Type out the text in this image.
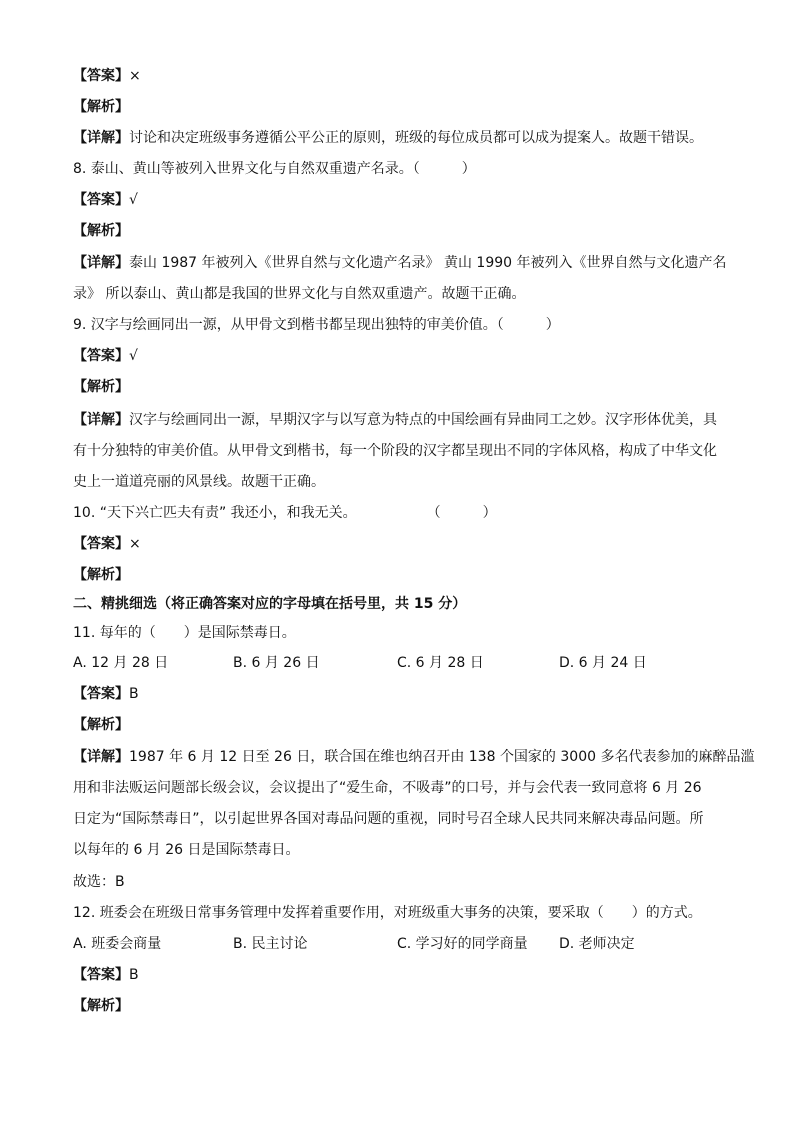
【答案】×
【解析】
【详解】讨论和决定班级事务遵循公平公正的原则，班级的每位成员都可以成为提案人。故题干错误。
8. 泰山、黄山等被列入世界文化与自然双重遗产名录。（　　　）
【答案】√
【解析】
【详解】泰山 1987 年被列入《世界自然与文化遗产名录》 黄山 1990 年被列入《世界自然与文化遗产名
录》 所以泰山、黄山都是我国的世界文化与自然双重遗产。故题干正确。
9. 汉字与绘画同出一源，从甲骨文到楷书都呈现出独特的审美价值。（　　　）
【答案】√
【解析】
【详解】汉字与绘画同出一源，早期汉字与以写意为特点的中国绘画有异曲同工之妙。汉字形体优美，具
有十分独特的审美价值。从甲骨文到楷书，每一个阶段的汉字都呈现出不同的字体风格，构成了中华文化
史上一道道亮丽的风景线。故题干正确。
10. “天下兴亡匹夫有责” 我还小，和我无关。　　　　　　（　　　）
【答案】×
【解析】
二、精挑细选（将正确答案对应的字母填在括号里，共 15 分）
11. 每年的（　　）是国际禁毒日。
A. 12 月 28 日	B. 6 月 26 日	C. 6 月 28 日	D. 6 月 24 日
【答案】B
【解析】
【详解】1987 年 6 月 12 日至 26 日，联合国在维也纳召开由 138 个国家的 3000 多名代表参加的麻醉品滥
用和非法贩运问题部长级会议，会议提出了“爱生命，不吸毒”的口号，并与会代表一致同意将 6 月 26
日定为“国际禁毒日”，以引起世界各国对毒品问题的重视，同时号召全球人民共同来解决毒品问题。所
以每年的 6 月 26 日是国际禁毒日。
故选：B
12. 班委会在班级日常事务管理中发挥着重要作用，对班级重大事务的决策，要采取（　　）的方式。
A. 班委会商量	B. 民主讨论	C. 学习好的同学商量 D. 老师决定
【答案】B
【解析】
